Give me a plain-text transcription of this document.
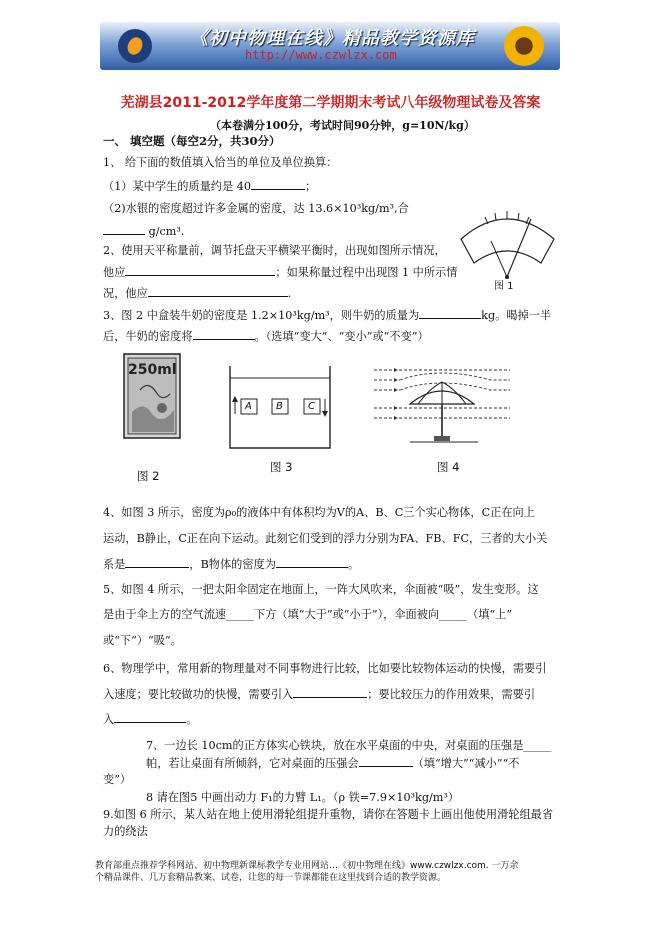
《初中物理在线》精品教学资源库
http://www.czwlzx.com
芜湖县2011-2012学年度第二学期期末考试八年级物理试卷及答案
（本卷满分100分，考试时间90分钟，g=10N/kg）
一、 填空题（每空2分，共30分）
1、 给下面的数值填入恰当的单位及单位换算：
（1）某中学生的质量约是 40	；
（2)水银的密度超过许多金属的密度，达 13.6×10³kg/m³,合
g/cm³.
图 1
2、使用天平称量前，调节托盘天平横梁平衡时，出现如图所示情况，
他应	；如果称量过程中出现图 1 中所示情
况，他应	.
3、图 2 中盒装牛奶的密度是 1.2×10³kg/m³，则牛奶的质量为	kg。喝掉一半
后，牛奶的密度将	。（选填“变大”、“变小”或“不变”）
250ml
图 2
A B	C
图 3	图 4
4、如图 3 所示，密度为ρ₀的液体中有体积均为V的A、B、C三个实心物体，C正在向上
运动，B静止，C正在向下运动。此刻它们受到的浮力分别为FA、FB、FC，三者的大小关
系是	，B物体的密度为	。
5、如图 4 所示，一把太阳伞固定在地面上，一阵大风吹来，伞面被“吸”，发生变形。这
是由于伞上方的空气流速_____下方（填“大于”或“小于”），伞面被向_____（填“上”
或“下”）“吸”。
6、物理学中，常用新的物理量对不同事物进行比较，比如要比较物体运动的快慢，需要引
入速度；要比较做功的快慢，需要引入	；要比较压力的作用效果，需要引
入	。
7、一边长 10cm的正方体实心铁块，放在水平桌面的中央，对桌面的压强是_____
帕，若让桌面有所倾斜，它对桌面的压强会	（填“增大”“减小”“不
变”）
8 请在图5 中画出动力 F₁的力臂 L₁。（ρ 铁=7.9×10³kg/m³）
9.如图 6 所示，某人站在地上使用滑轮组提升重物，请你在答题卡上画出他使用滑轮组最省
力的绕法
教育部重点推荐学科网站、初中物理新课标教学专业用网站…《初中物理在线》www.czwlzx.com. 一万余
个精品课件、几万套精品教案、试卷，让您的每一节课都能在这里找到合适的教学资源。
